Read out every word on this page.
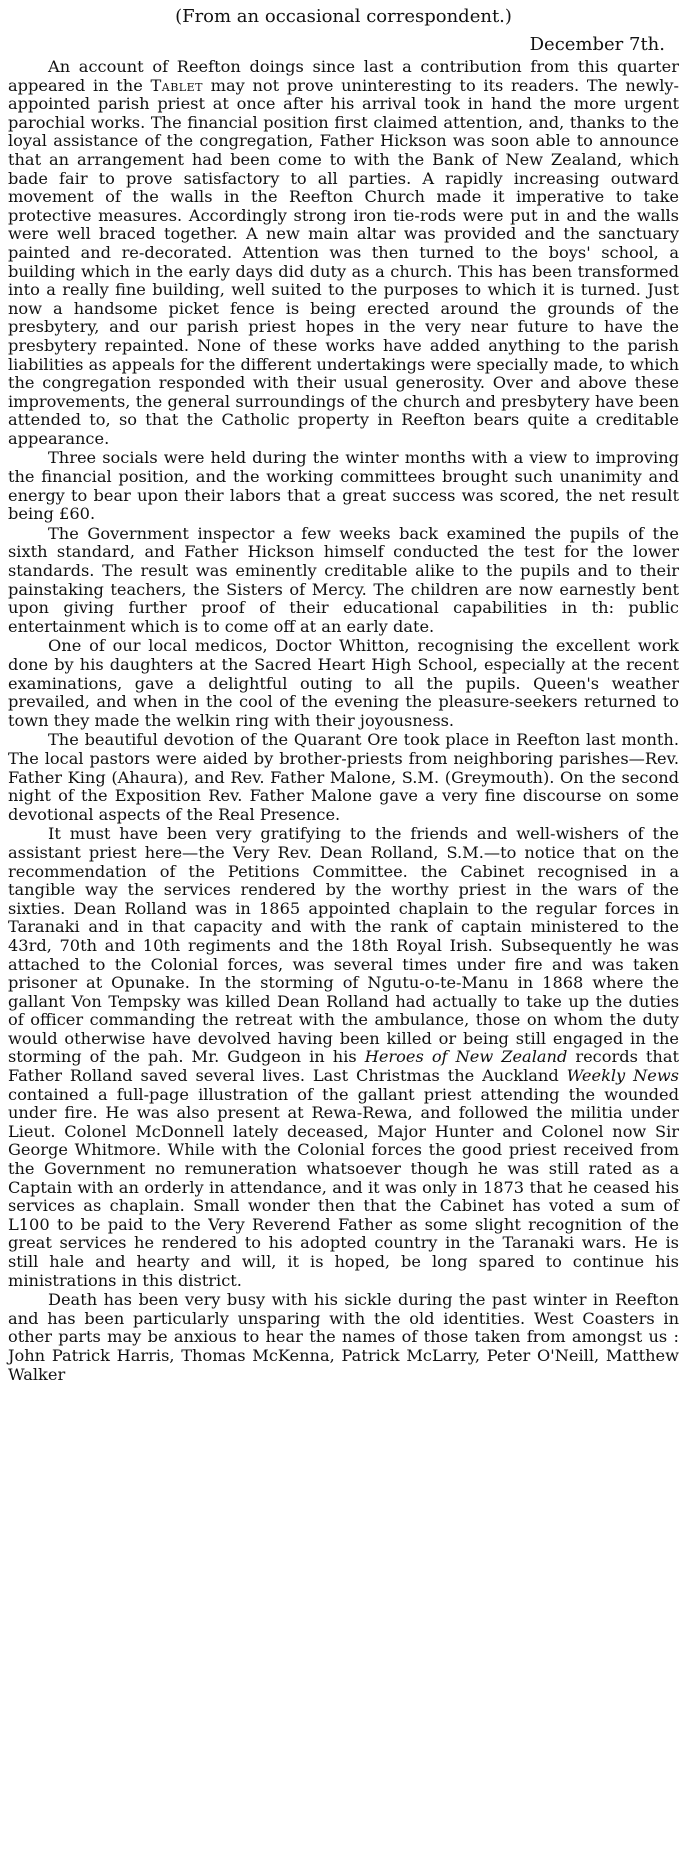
(From an occasional correspondent.)
December 7th.

An account of Reefton doings since last a contribution from this quarter appeared in the Tablet may not prove uninteresting to its readers. The newly-appointed parish priest at once after his arrival took in hand the more urgent parochial works. The financial position first claimed attention, and, thanks to the loyal assistance of the congregation, Father Hickson was soon able to announce that an arrangement had been come to with the Bank of New Zealand, which bade fair to prove satisfactory to all parties. A rapidly increasing outward movement of the walls in the Reefton Church made it imperative to take protective measures. Accordingly strong iron tie-rods were put in and the walls were well braced together. A new main altar was provided and the sanctuary painted and re-decorated. Attention was then turned to the boys' school, a building which in the early days did duty as a church. This has been transformed into a really fine building, well suited to the purposes to which it is turned. Just now a handsome picket fence is being erected around the grounds of the presbytery, and our parish priest hopes in the very near future to have the presbytery repainted. None of these works have added anything to the parish liabilities as appeals for the different undertakings were specially made, to which the congregation responded with their usual generosity. Over and above these improvements, the general surroundings of the church and presbytery have been attended to, so that the Catholic property in Reefton bears quite a creditable appearance.

Three socials were held during the winter months with a view to improving the financial position, and the working committees brought such unanimity and energy to bear upon their labors that a great success was scored, the net result being £60.

The Government inspector a few weeks back examined the pupils of the sixth standard, and Father Hickson himself conducted the test for the lower standards. The result was eminently creditable alike to the pupils and to their painstaking teachers, the Sisters of Mercy. The children are now earnestly bent upon giving further proof of their educational capabilities in th: public entertainment which is to come off at an early date.

One of our local medicos, Doctor Whitton, recognising the excellent work done by his daughters at the Sacred Heart High School, especially at the recent examinations, gave a delightful outing to all the pupils. Queen's weather prevailed, and when in the cool of the evening the pleasure-seekers returned to town they made the welkin ring with their joyousness.

The beautiful devotion of the Quarant Ore took place in Reefton last month. The local pastors were aided by brother-priests from neighboring parishes—Rev. Father King (Ahaura), and Rev. Father Malone, S.M. (Greymouth). On the second night of the Exposition Rev. Father Malone gave a very fine discourse on some devotional aspects of the Real Presence.

It must have been very gratifying to the friends and well-wishers of the assistant priest here—the Very Rev. Dean Rolland, S.M.—to notice that on the recommendation of the Petitions Committee. the Cabinet recognised in a tangible way the services rendered by the worthy priest in the wars of the sixties. Dean Rolland was in 1865 appointed chaplain to the regular forces in Taranaki and in that capacity and with the rank of captain ministered to the 43rd, 70th and 10th regiments and the 18th Royal Irish. Subsequently he was attached to the Colonial forces, was several times under fire and was taken prisoner at Opunake. In the storming of Ngutu-o-te-Manu in 1868 where the gallant Von Tempsky was killed Dean Rolland had actually to take up the duties of officer commanding the retreat with the ambulance, those on whom the duty would otherwise have devolved having been killed or being still engaged in the storming of the pah. Mr. Gudgeon in his Heroes of New Zealand records that Father Rolland saved several lives. Last Christmas the Auckland Weekly News contained a full-page illustration of the gallant priest attending the wounded under fire. He was also present at Rewa-Rewa, and followed the militia under Lieut. Colonel McDonnell lately deceased, Major Hunter and Colonel now Sir George Whitmore. While with the Colonial forces the good priest received from the Government no remuneration whatsoever though he was still rated as a Captain with an orderly in attendance, and it was only in 1873 that he ceased his services as chaplain. Small wonder then that the Cabinet has voted a sum of L100 to be paid to the Very Reverend Father as some slight recognition of the great services he rendered to his adopted country in the Taranaki wars. He is still hale and hearty and will, it is hoped, be long spared to continue his ministrations in this district.

Death has been very busy with his sickle during the past winter in Reefton and has been particularly unsparing with the old identities. West Coasters in other parts may be anxious to hear the names of those taken from amongst us : John Patrick Harris, Thomas McKenna, Patrick McLarry, Peter O'Neill, Matthew Walker
